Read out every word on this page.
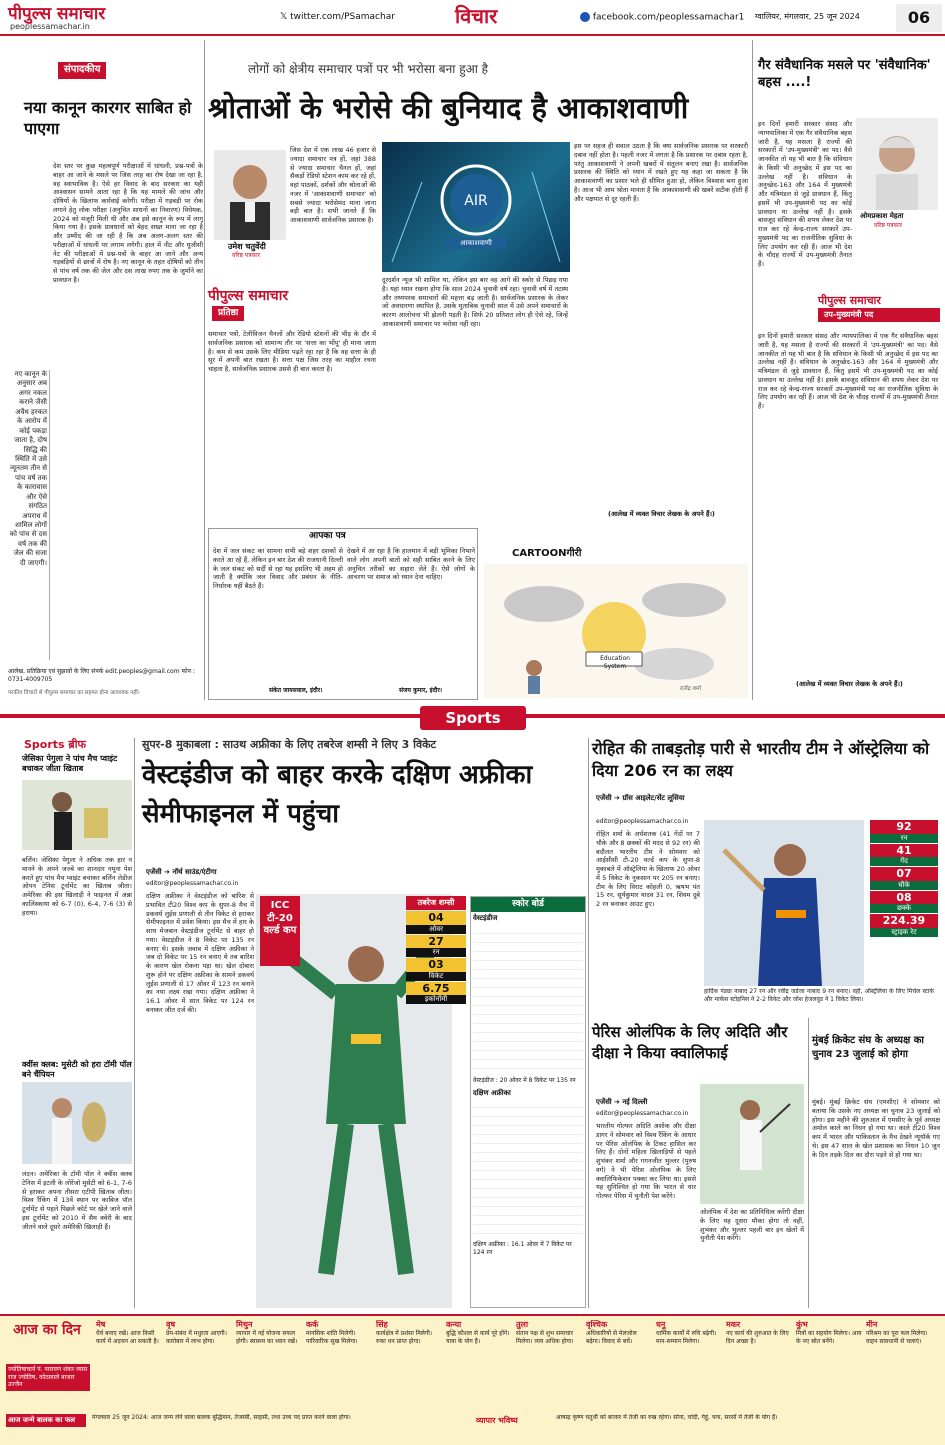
पीपुल्स समाचार
peoplessamachar.in
𝕏 twitter.com/PSamachar	विचार	facebook.com/peoplessamachar1 ग्वालियर, मंगलवार, 25 जून 2024	06
संपादकीय
नया कानून कारगर साबित हो पाएगा
देश स्तर पर कुछ महत्वपूर्ण परीक्षाओं में धांधली, प्रश्न-पत्रों के बाहर आ जाने के मसले पर जिस तरह का रोष देखा जा रहा है, वह स्वाभाविक है। ऐसे हर विवाद के बाद सरकार का यही आश्वासन सामने आता रहा है कि यह मामले की जांच और दोषियों के खिलाफ कार्रवाई करेगी। परीक्षा में गड़बड़ी पर रोक लगाने हेतु लोक परीक्षा (अनुचित साधनों का निवारण) विधेयक, 2024 को मंजूरी मिली थी और अब इसे कानून के रूप में लागू किया गया है। इसके प्रावधानों को बेहद सख्त माना जा रहा है और उम्मीद की जा रही है कि अब अलग-अलग स्तर की परीक्षाओं में धांधली पर लगाम लगेगी। हाल में नीट और यूजीसी नेट की परीक्षाओं में प्रश्न-पत्रों के बाहर आ जाने और अन्य गड़बड़ियों से छात्रों में रोष है। नए कानून के तहत दोषियों को तीन से पांच वर्ष तक की जेल और दस लाख रुपए तक के जुर्माने का प्रावधान है।
नए कानून के अनुसार अब अगर नकल कराने जैसी अवैध हरकत के आरोप में कोई पकड़ा जाता है, दोष सिद्धि की स्थिति में उसे न्यूनतम तीन से पांच वर्ष तक के कारावास और ऐसे संगठित अपराध में शामिल लोगों को पांच से दस वर्ष तक की जेल की सजा दी जाएगी।
आलेख, प्रतिक्रिया एवं सुझावों के लिए संपर्क edit.peoples@gmail.com फोन : 0731-4009705
परकीय विचारों से पीपुल्स समाचार का सहमत होना आवश्यक नहीं।
लोगों को क्षेत्रीय समाचार पत्रों पर भी भरोसा बना हुआ है
श्रोताओं के भरोसे की बुनियाद है आकाशवाणी
उमेश चतुर्वेदी
वरिष्ठ पत्रकार
जिस देश में एक लाख 46 हजार से ज्यादा समाचार पत्र हों, जहां 388 से ज्यादा समाचार चैनल हों, जहां सैकड़ों रेडियो स्टेशन काम कर रहे हों, वहां पाठकों, दर्शकों और श्रोताओं की नजर में 'आकाशवाणी समाचार' को सबसे ज्यादा भरोसेमंद माना जाना बड़ी बात है। सभी जानते हैं कि आकाशवाणी सार्वजनिक प्रसारक है।
पीपुल्स समाचार
प्रतिष्ठा
समाचार पत्रों, टेलीविजन चैनलों और रेडियो स्टेशनों की भीड़ के दौर में सार्वजनिक प्रसारक को सामान्य तौर पर 'सत्ता का भोंपू' ही माना जाता है। कम से कम उसके लिए मीडिया पढ़ते रहा रहा है कि वह सत्ता के ही सुर में अपनी बात रखता है। सत्ता पक्ष जिस तरह का माहौल रचना चाहता है, सार्वजनिक प्रसारक उससे ही बात करता है।
AIR
आकाशवाणी
दूरदर्शन न्यूज भी शामिल था, लेकिन इस बार वह आगे की स्कोर से पिछड़ गया है। यहां ध्यान रखना होगा कि साल 2024 चुनावी वर्ष रहा। चुनावी वर्ष में तटस्थ और तथ्यपरक समाचारों की महत्ता बढ़ जाती है। सार्वजनिक प्रसारक के लेकर जो अवधारणा स्थापित है, उसके मुताबिक चुनावी साल में उसे अपने समाचारों के कारण आलोचना भी झेलनी पड़ती है। सिर्फ 20 प्रतिशत लोग ही ऐसे रहे, जिन्हें आकाशवाणी समाचार पर भरोसा नहीं रहा।
इस पर सहज ही सवाल उठता है कि क्या सार्वजनिक प्रसारक पर सरकारी दबाव नहीं होता है। पहली नजर में लगता है कि प्रसारक पर दबाव रहता है, परंतु आकाशवाणी ने अपनी खबरों में संतुलन बनाए रखा है। सार्वजनिक प्रसारक की स्थिति को ध्यान में रखते हुए यह कहा जा सकता है कि आकाशवाणी का प्रसार भले ही सीमित हुआ हो, लेकिन विश्वास बना हुआ है। आज भी आम श्रोता मानता है कि आकाशवाणी की खबरें सटीक होती हैं और पक्षपात से दूर रहती हैं।
(आलेख में व्यक्त विचार लेखक के अपने हैं।)
आपका पत्र
देश में जल संकट का सामना सभी बड़े शहर दशकों से करते आ रहे हैं, लेकिन इन बार देश की राजधानी दिल्ली के जल संकट को सर्दी से रहा यह इसलिए भी अहम हो जाती है क्योंकि जल विवाद और प्रबंधन के नीति-निर्धारक यहीं बैठते हैं।
संकेत जायसवाल, इंदौर।
देखने में आ रहा है कि हालमान में बड़ी भूमिका निभाने वाले लोग अपनी बातों को सही साबित करने के लिए अनुचित तरीकों का सहारा लेते हैं। ऐसे लोगों के आचरण पर समाज को ध्यान देना चाहिए।
संजय कुमार, इंदौर।
CARTOONगीरी
Education System
राजेंद्र शर्मा
गैर संवैधानिक मसले पर 'संवैधानिक' बहस ....!
ओमप्रकाश मेहता
वरिष्ठ पत्रकार
पीपुल्स समाचार
उप-मुख्यमंत्री पद
इन दिनों हमारी सरकार संसद और न्यायपालिका में एक गैर संवैधानिक बहस जारी है, यह मसला है राज्यों की सरकारों में 'उप-मुख्यमंत्री' का पद। वैसे जानकीत तो यह भी बात है कि संविधान के किसी भी अनुच्छेद में इस पद का उल्लेख नहीं है। संविधान के अनुच्छेद-163 और 164 में मुख्यमंत्री और मंत्रिमंडल से जुड़े प्रावधान हैं, किंतु इसमें भी उप-मुख्यमंत्री पद का कोई प्रावधान या उल्लेख नहीं है। इसके बावजूद संविधान की शपथ लेकर देश पर राज कर रहे केन्द्र-राज्य सरकारें उप-मुख्यमंत्री पद का राजनीतिक सुविधा के लिए उपयोग कर रही हैं। आज भी देश के चौदह राज्यों में उप-मुख्यमंत्री तैनात हैं।
इन दिनों हमारी सरकार संसद और न्यायपालिका में एक गैर संवैधानिक बहस जारी है, यह मसला है राज्यों की सरकारों में 'उप-मुख्यमंत्री' का पद। वैसे जानकीत तो यह भी बात है कि संविधान के किसी भी अनुच्छेद में इस पद का उल्लेख नहीं है। संविधान के अनुच्छेद-163 और 164 में मुख्यमंत्री और मंत्रिमंडल से जुड़े प्रावधान हैं, किंतु इसमें भी उप-मुख्यमंत्री पद का कोई प्रावधान या उल्लेख नहीं है। इसके बावजूद संविधान की शपथ लेकर देश पर राज कर रहे केन्द्र-राज्य सरकारें उप-मुख्यमंत्री पद का राजनीतिक सुविधा के लिए उपयोग कर रही हैं। आज भी देश के चौदह राज्यों में उप-मुख्यमंत्री तैनात हैं।
(आलेख में व्यक्त विचार लेखक के अपने हैं।)
Sports
Sports ब्रीफ
जेसिका पेगुला ने पांच मैच प्वाइंट बचाकर जीता खिताब
बर्लिन। जेसिका पेगुला ने अधिक तक हार न मानने के अपने जज्बे का शानदार नमूना पेश करते हुए पांच मैच प्वाइंट बचाकर बर्लिन लेडीज ओपन टेनिस टूर्नामेंट का खिताब जीता। अमेरिका की इस खिलाड़ी ने फाइनल में अन्ना कालिंस्काया को 6-7 (0), 6-4, 7-6 (3) से हराया।
क्वींस क्लब: मुसेटी को हरा टॉमी पॉल बने चैंपियन
लंदन। अमेरिका के टॉमी पॉल ने क्वींस क्लब टेनिस में इटली के लोरेंजो मुसेटी को 6-1, 7-6 से हराकर अपना तीसरा एटीपी खिताब जीता। विश्व रैंकिंग में 13वें स्थान पर काबिज पॉल टूर्नामेंट से पहले पिछले कोर्ट पर खेले जाने वाले इस टूर्नामेंट को 2010 में सैम क्वेरी के बाद जीतने वाले दूसरे अमेरिकी खिलाड़ी हैं।
सुपर-8 मुकाबला : साउथ अफ्रीका के लिए तबरेज शम्सी ने लिए 3 विकेट
वेस्टइंडीज को बाहर करके दक्षिण अफ्रीका सेमीफाइनल में पहुंचा
एजेंसी ➔ नॉर्थ साउंड/एंटीगा
editor@peoplessamachar.co.in
दक्षिण अफ्रीका ने वेस्टइंडीज को बारिश से प्रभावित टी20 विश्व कप के सुपर-8 मैच में डकवर्थ लुईस प्रणाली से तीन विकेट से हराकर सेमीफाइनल में प्रवेश किया। इस मैच में हार के साथ मेजबान वेस्टइंडीज टूर्नामेंट से बाहर हो गया। वेस्टइंडीज ने 8 विकेट पर 135 रन बनाए थे। इसके जवाब में दक्षिण अफ्रीका ने जब दो विकेट पर 15 रन बनाए थे तब बारिश के कारण खेल रोकना पड़ा था। खेल दोबारा शुरू होने पर दक्षिण अफ्रीका के सामने डकवर्थ लुईस प्रणाली से 17 ओवर में 123 रन बनाने का नया लक्ष्य रखा गया। दक्षिण अफ्रीका ने 16.1 ओवर में सात विकेट पर 124 रन बनाकर जीत दर्ज की।
ICC टी-20 वर्ल्ड कप
तबरेज शम्सी
04
ओवर
27
रन
03
विकेट
6.75
इकोनॉमी
स्कोर बोर्ड
वेस्टइंडीज
वेस्टइंडीज : 20 ओवर में 8 विकेट पर 135 रन
दक्षिण अफ्रीका
दक्षिण अफ्रीका : 16.1 ओवर में 7 विकेट पर 124 रन
रोहित की ताबड़तोड़ पारी से भारतीय टीम ने ऑस्ट्रेलिया को दिया 206 रन का लक्ष्य
एजेंसी ➔ ग्रॉस आइलेट/सेंट लूसिया
editor@peoplessamachar.co.in
रोहित शर्मा के अर्धशतक (41 गेंदों पर 7 चौके और 8 छक्कों की मदद से 92 रन) की बदौलत भारतीय टीम ने सोमवार को आईसीसी टी-20 वर्ल्ड कप के सुपर-8 मुकाबले में ऑस्ट्रेलिया के खिलाफ 20 ओवर में 5 विकेट के नुकसान पर 205 रन बनाए। टीम के लिए विराट कोहली 0, ऋषभ पंत 15 रन, सूर्यकुमार यादव 31 रन, शिवम दुबे 2 रन बनाकर आउट हुए।
हार्दिक पंड्या नाबाद 27 रन और रवींद्र जडेजा नाबाद 9 रन बनाए। वहीं, ऑस्ट्रेलिया के लिए मिचेल स्टार्क और मार्कस स्टोइनिस ने 2-2 विकेट और जोश हेजलवुड ने 1 विकेट लिया।
92
रन
41
गेंद
07
चौके
08
छक्के
224.39
स्ट्राइक रेट
पेरिस ओलंपिक के लिए अदिति और दीक्षा ने किया क्वालिफाई
एजेंसी ➔ नई दिल्ली
editor@peoplessamachar.co.in
भारतीय गोल्फर अदिति अशोक और दीक्षा डागर ने सोमवार को विश्व रैंकिंग के आधार पर पेरिस ओलंपिक के टिकट हासिल कर लिए हैं। दोनों महिला खिलाड़ियों से पहले शुभंकर शर्मा और गगनजीत भुल्लर (पुरुष वर्ग) ने भी पेरिस ओलंपिक के लिए क्वालिफिकेशन पक्का कर लिया था। इससे यह सुनिश्चित हो गया कि भारत से चार गोल्फर पेरिस में चुनौती पेश करेंगे।
ओलंपिक में देश का प्रतिनिधित्व करेंगी दीक्षा के लिए यह दूसरा मौका होगा तो वहीं, शुभंकर और भुल्लर पहली बार इन खेलों में चुनौती पेश करेंगे।
मुंबई क्रिकेट संघ के अध्यक्ष का चुनाव 23 जुलाई को होगा
मुंबई। मुंबई क्रिकेट संघ (एमसीए) ने सोमवार को बताया कि उसके नए अध्यक्ष का चुनाव 23 जुलाई को होगा। इस महीने की शुरुआत में एमसीए के पूर्व अध्यक्ष अमोल काले का निधन हो गया था। काले टी20 विश्व कप में भारत और पाकिस्तान के मैच देखने न्यूयॉर्क गए थे। इस 47 साल के खेल प्रशासक का निधन 10 जून के दिन तड़के दिल का दौरा पड़ने से हो गया था।
आज का दिन
ज्योतिषाचार्य पं. नारायण शंकर व्यास राज ज्योतिष, कोठावाले बाजार उज्जैन
मेष
धैर्य बनाए रखें। आज किसी कार्य में अड़चन आ सकती है।
वृष
प्रेम-संबंध में मधुरता आएगी। कारोबार में लाभ होगा।
मिथुन
व्यापार में नई योजना सफल होगी। स्वास्थ्य का ध्यान रखें।
कर्क
मानसिक शांति मिलेगी। पारिवारिक सुख मिलेगा।
सिंह
कार्यक्षेत्र में प्रशंसा मिलेगी। रुका धन प्राप्त होगा।
कन्या
बुद्धि कौशल से कार्य पूरे होंगे। यात्रा के योग हैं।
तुला
संतान पक्ष से शुभ समाचार मिलेगा। व्यय अधिक होगा।
वृश्चिक
अधिकारियों से मेलजोल बढ़ेगा। विवाद से बचें।
धनु
धार्मिक कार्यों में रुचि बढ़ेगी। मान-सम्मान मिलेगा।
मकर
नए कार्य की शुरुआत के लिए दिन अच्छा है।
कुंभ
मित्रों का सहयोग मिलेगा। आय के नए स्रोत बनेंगे।
मीन
परिश्रम का पूरा फल मिलेगा। वाहन सावधानी से चलाएं।
आज जन्मे बालक का फल	मंगलवार 25 जून 2024: आज जन्म लेने वाला बालक बुद्धिमान, तेजस्वी, साहसी, तथा उच्च पद प्राप्त करने वाला होगा।	व्यापार भविष्य	आषाढ़ कृष्ण चतुर्थी को बाजार में तेजी का रुख रहेगा। सोना, चांदी, गेहूं, चना, सरसों में तेजी के योग हैं।
